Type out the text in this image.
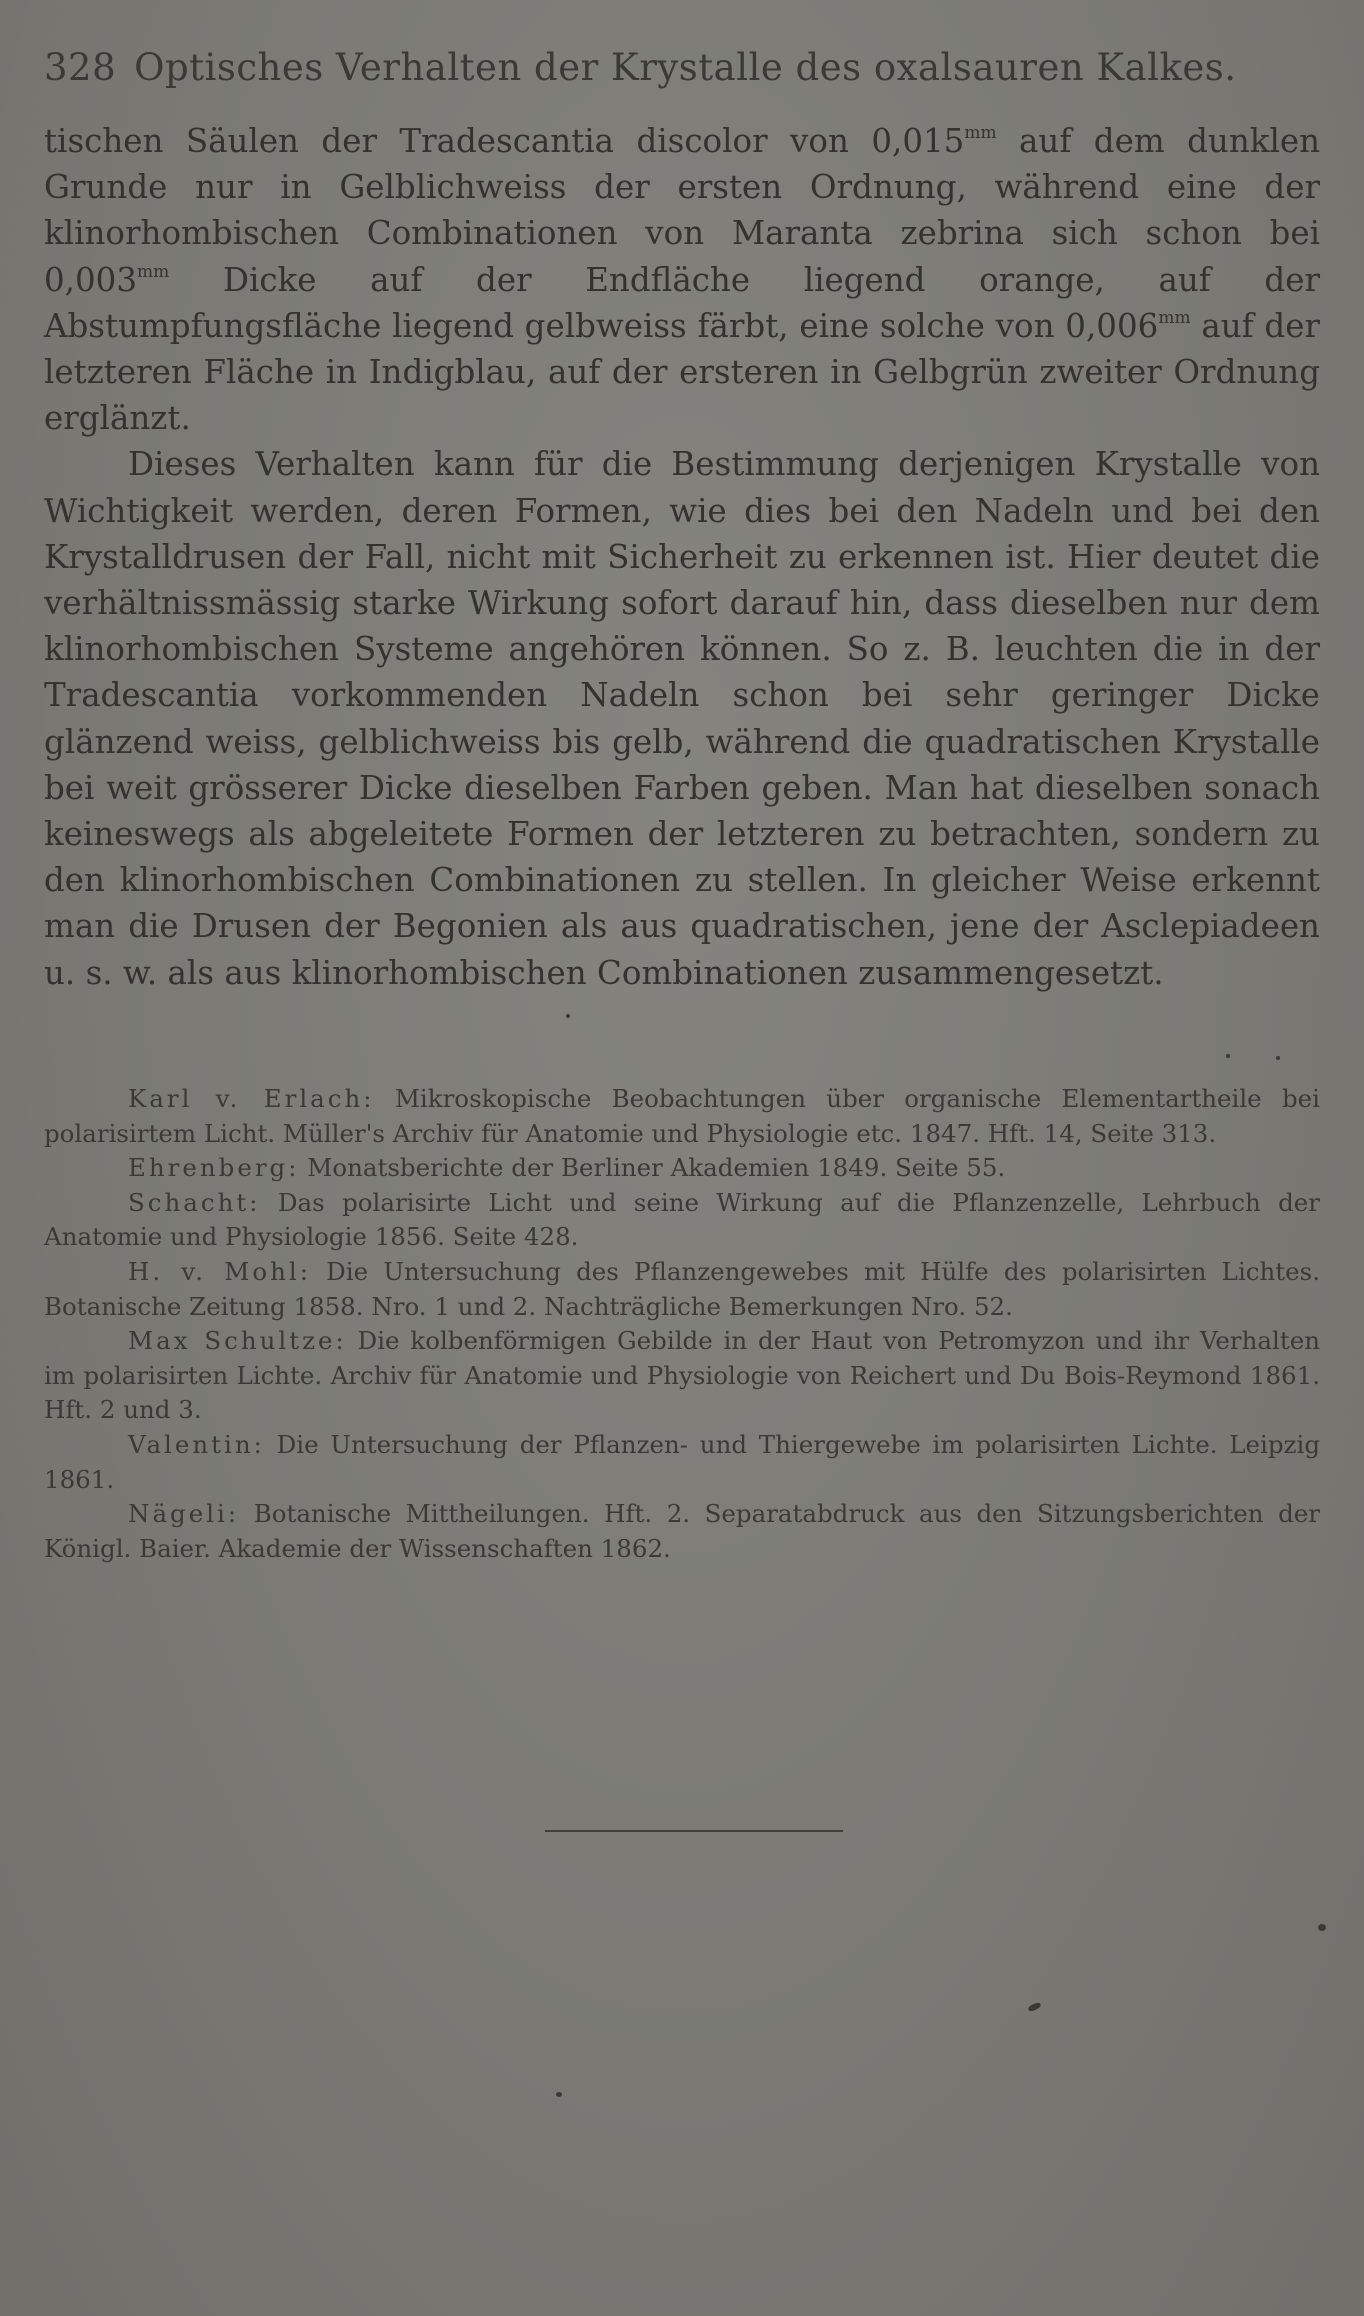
328 Optisches Verhalten der Krystalle des oxalsauren Kalkes.

tischen Säulen der Tradescantia discolor von $0,015^{mm}$ auf dem dunklen Grunde nur in Gelblichweiss der ersten Ordnung, während eine der klinorhombischen Combinationen von Maranta zebrina sich schon bei $0,003^{mm}$ Dicke auf der Endfläche liegend orange, auf der Abstumpfungsfläche liegend gelbweiss färbt, eine solche von $0,006^{mm}$ auf der letzteren Fläche in Indigblau, auf der ersteren in Gelbgrün zweiter Ordnung erglänzt.

Dieses Verhalten kann für die Bestimmung derjenigen Krystalle von Wichtigkeit werden, deren Formen, wie dies bei den Nadeln und bei den Krystalldrusen der Fall, nicht mit Sicherheit zu erkennen ist. Hier deutet die verhältnissmässig starke Wirkung sofort darauf hin, dass dieselben nur dem klinorhombischen Systeme angehören können. So z. B. leuchten die in der Tradescantia vorkommenden Nadeln schon bei sehr geringer Dicke glänzend weiss, gelblichweiss bis gelb, während die quadratischen Krystalle bei weit grösserer Dicke dieselben Farben geben. Man hat dieselben sonach keineswegs als abgeleitete Formen der letzteren zu betrachten, sondern zu den klinorhombischen Combinationen zu stellen. In gleicher Weise erkennt man die Drusen der Begonien als aus quadratischen, jene der Asclepiadeen u. s. w. als aus klinorhombischen Combinationen zusammengesetzt.

Karl v. Erlach: Mikroskopische Beobachtungen über organische Elementartheile bei polarisirtem Licht. Müller's Archiv für Anatomie und Physiologie etc. 1847. Hft. 14, Seite 313.

Ehrenberg: Monatsberichte der Berliner Akademien 1849. Seite 55.

Schacht: Das polarisirte Licht und seine Wirkung auf die Pflanzenzelle, Lehrbuch der Anatomie und Physiologie 1856. Seite 428.

H. v. Mohl: Die Untersuchung des Pflanzengewebes mit Hülfe des polarisirten Lichtes. Botanische Zeitung 1858. Nro. 1 und 2. Nachträgliche Bemerkungen Nro. 52.

Max Schultze: Die kolbenförmigen Gebilde in der Haut von Petromyzon und ihr Verhalten im polarisirten Lichte. Archiv für Anatomie und Physiologie von Reichert und Du Bois-Reymond 1861. Hft. 2 und 3.

Valentin: Die Untersuchung der Pflanzen- und Thiergewebe im polarisirten Lichte. Leipzig 1861.

Nägeli: Botanische Mittheilungen. Hft. 2. Separatabdruck aus den Sitzungsberichten der Königl. Baier. Akademie der Wissenschaften 1862.
